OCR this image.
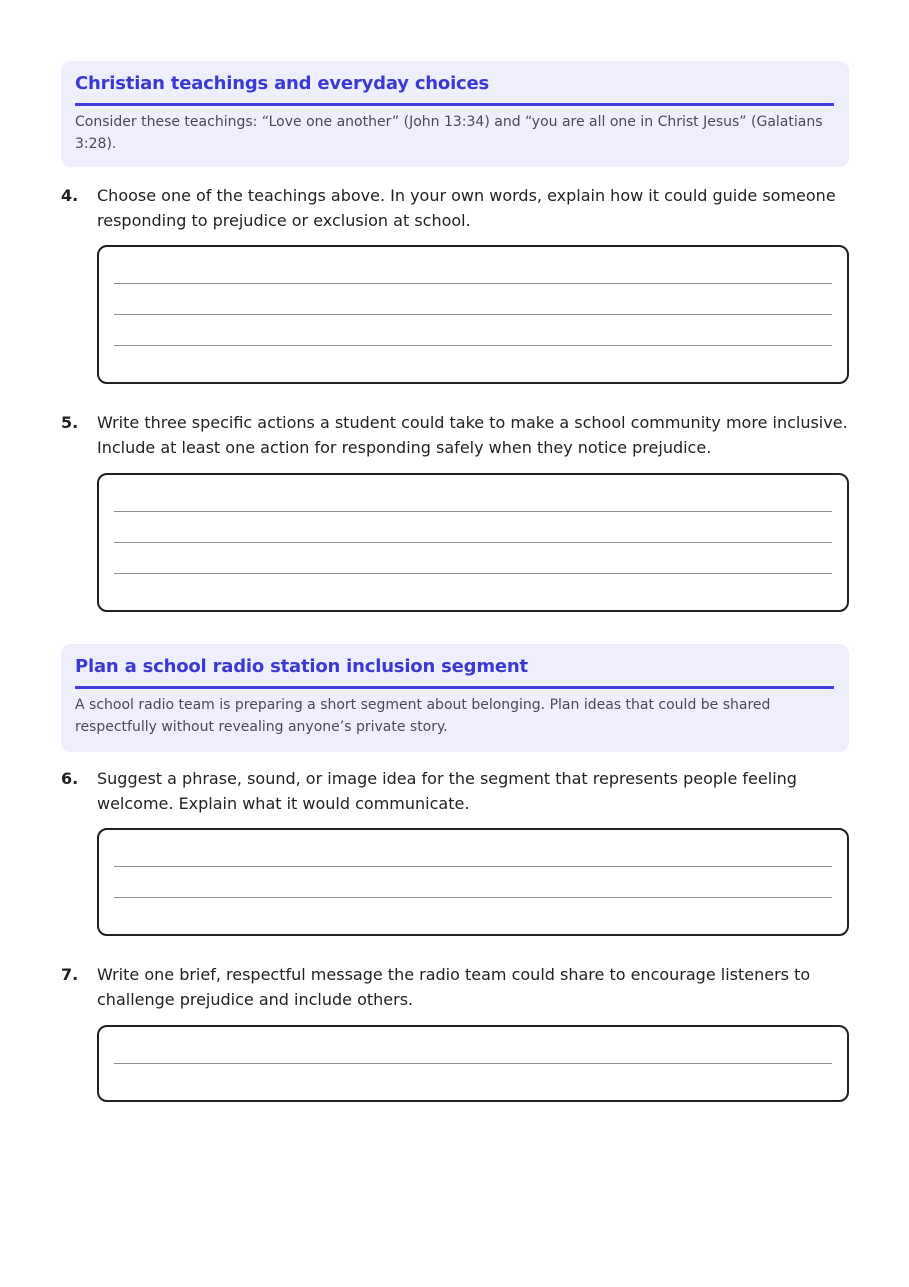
Christian teachings and everyday choices
Consider these teachings: “Love one another” (John 13:34) and “you are all one in Christ Jesus” (Galatians 3:28).
4. Choose one of the teachings above. In your own words, explain how it could guide someone responding to prejudice or exclusion at school.
5. Write three specific actions a student could take to make a school community more inclusive. Include at least one action for responding safely when they notice prejudice.
Plan a school radio station inclusion segment
A school radio team is preparing a short segment about belonging. Plan ideas that could be shared respectfully without revealing anyone’s private story.
6. Suggest a phrase, sound, or image idea for the segment that represents people feeling welcome. Explain what it would communicate.
7. Write one brief, respectful message the radio team could share to encourage listeners to challenge prejudice and include others.
